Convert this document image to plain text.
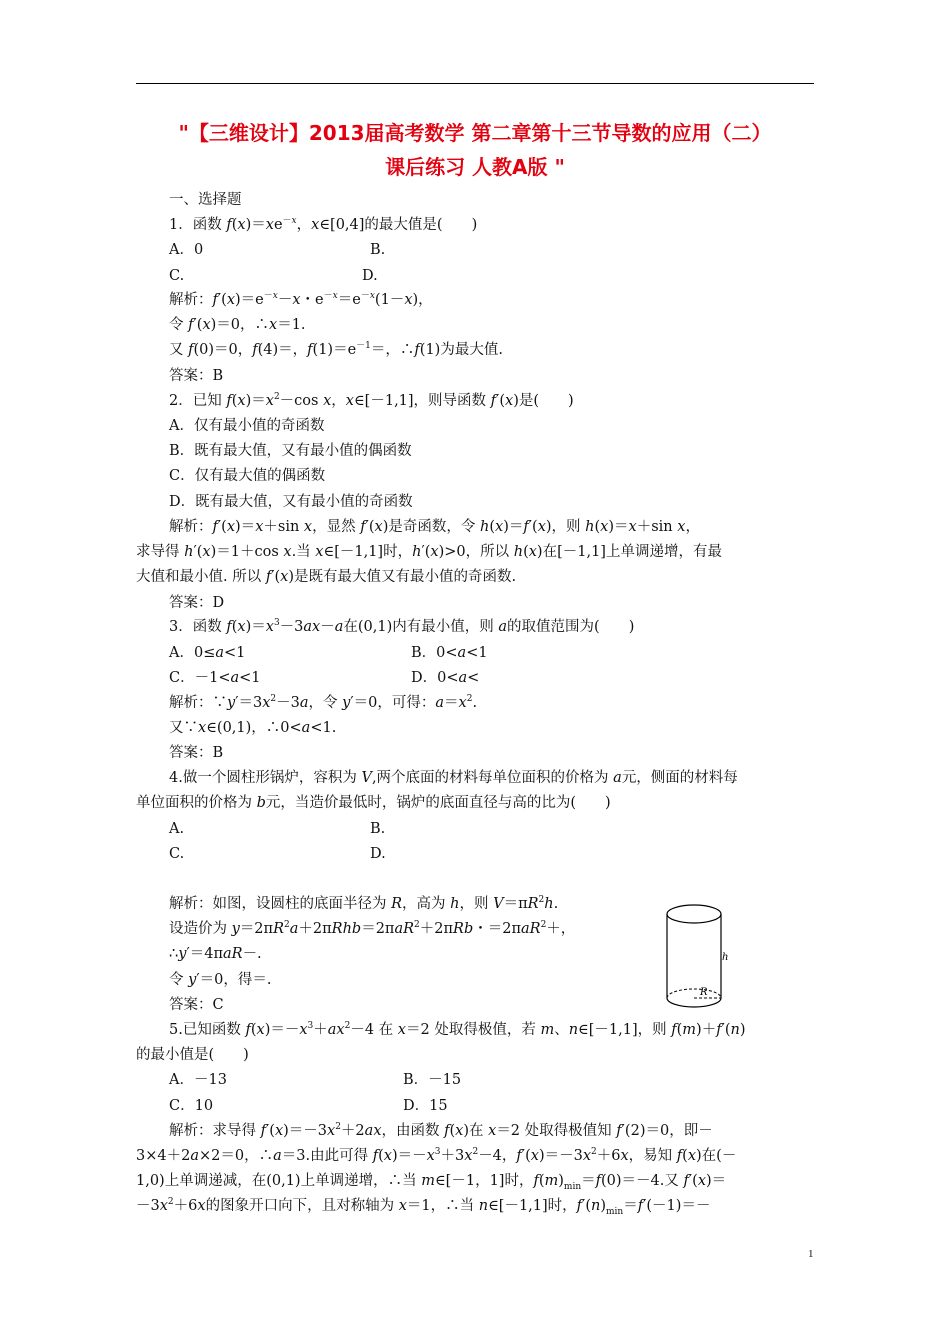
"【三维设计】2013届高考数学 第二章第十三节导数的应用（二）
课后练习 人教A版 "
一、选择题
1．函数 $f(x)=xe^{-x}$，x∈[0,4]的最大值是(　　)
A．0	B.
C.	D.
解析：$f'(x)=e^{-x}-x$・$e^{-x}=e^{-x}(1-x)$，
令 f′(x)＝0，∴x＝1.
又 f(0)＝0，f(4)＝，$f(1)=e^{-1}=$，∴f(1)为最大值.
答案：B
2．已知 $f(x)=x^2-\cos$ x，x∈[－1,1]，则导函数 f′(x)是(　　)
A．仅有最小值的奇函数
B．既有最大值，又有最小值的偶函数
C．仅有最大值的偶函数
D．既有最大值，又有最小值的奇函数
解析：f′(x)＝x＋sin x，显然 f′(x)是奇函数，令 h(x)＝f′(x)，则 h(x)＝x＋sin x，
求导得 h′(x)＝1＋cos x.当 x∈[－1,1]时，h′(x)>0，所以 h(x)在[－1,1]上单调递增，有最
大值和最小值. 所以 f′(x)是既有最大值又有最小值的奇函数.
答案：D
3．函数 $f(x)=x^3-3ax-a$在(0,1)内有最小值，则 a的取值范围为(　　)
A．0≤a<1	B．0<a<1
C．－1<a<1	D．0<a<
解析：$\because y'=3x^2-3a$，令 y′＝0，可得：$a=x^2$.
又∵x∈(0,1)，∴0<a<1.
答案：B
4.做一个圆柱形锅炉，容积为 V,两个底面的材料每单位面积的价格为 a元，侧面的材料每
单位面积的价格为 b元，当造价最低时，锅炉的底面直径与高的比为(　　)
A.	B.
C.	D.
解析：如图，设圆柱的底面半径为 R，高为 h，则 $V=\pi R^2h$.
设造价为 $y=2\pi R^2a+2\pi Rhb=2\pi aR^2+2\pi Rb$・＝2πaR$^2$＋，
∴y′＝4πaR－.
令 y′＝0，得＝.
答案：C
h
R
5.已知函数 $f(x)=-x^3+ax^2-4$ 在 x＝2 处取得极值，若 m、n∈[－1,1]，则 f(m)＋f′(n)
的最小值是(　　)
A．－13	B．－15
C．10	D．15
解析：求导得 $f'(x)=-3x^2+2ax$，由函数 f(x)在 x＝2 处取得极值知 f′(2)＝0，即－
3×4＋2a×2＝0，∴a＝3.由此可得 $f(x)=-x^3+3x^2-4$，$f'(x)=-3x^2+6x$，易知 f(x)在(－
1,0)上单调递减，在(0,1)上单调递增，∴当 m∈[－1，1]时，$f(m)_{min}=f(0)=-4$.又 f′(x)＝
$-3x^2+6x$的图象开口向下，且对称轴为 x＝1，∴当 n∈[－1,1]时，$f'(n)_{min}=f'(-1)=-$
1
